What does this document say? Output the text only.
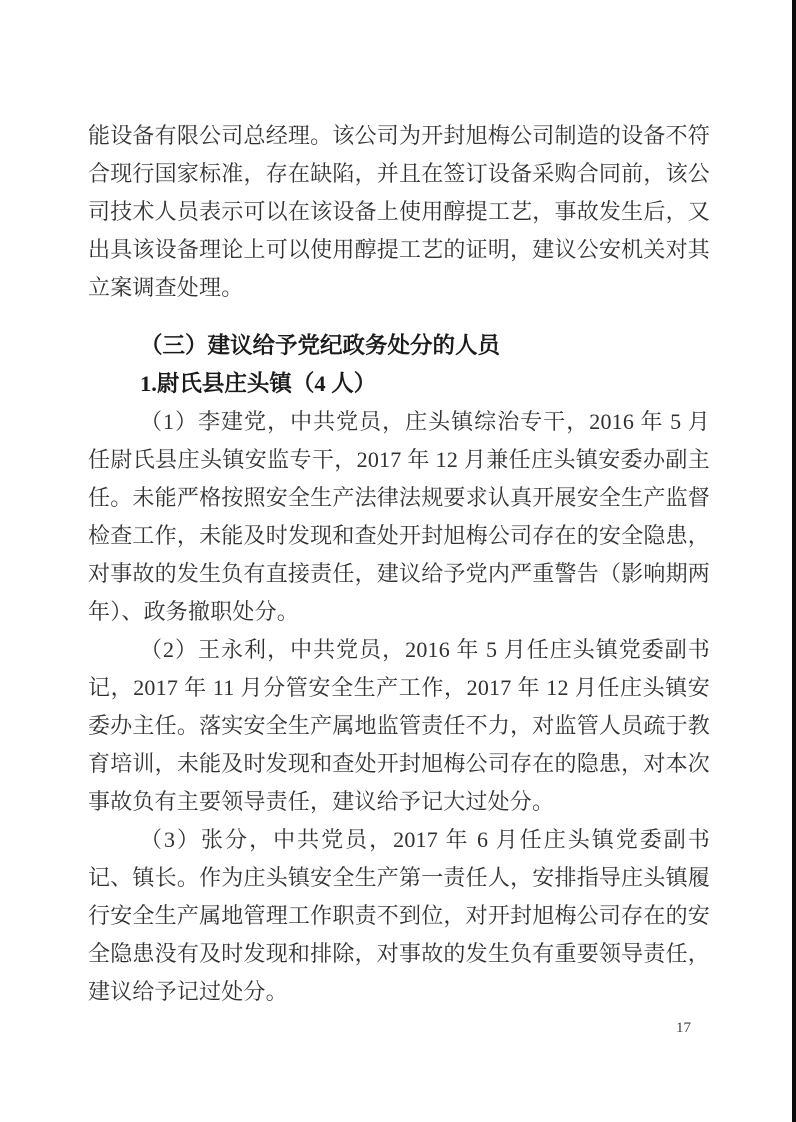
能设备有限公司总经理。该公司为开封旭梅公司制造的设备不符合现行国家标准，存在缺陷，并且在签订设备采购合同前，该公司技术人员表示可以在该设备上使用醇提工艺，事故发生后，又出具该设备理论上可以使用醇提工艺的证明，建议公安机关对其立案调查处理。

（三）建议给予党纪政务处分的人员
1.尉氏县庄头镇（4 人）

（1）李建党，中共党员，庄头镇综治专干，2016 年 5 月任尉氏县庄头镇安监专干，2017 年 12 月兼任庄头镇安委办副主任。未能严格按照安全生产法律法规要求认真开展安全生产监督检查工作，未能及时发现和查处开封旭梅公司存在的安全隐患，对事故的发生负有直接责任，建议给予党内严重警告（影响期两年）、政务撤职处分。

（2）王永利，中共党员，2016 年 5 月任庄头镇党委副书记，2017 年 11 月分管安全生产工作，2017 年 12 月任庄头镇安委办主任。落实安全生产属地监管责任不力，对监管人员疏于教育培训，未能及时发现和查处开封旭梅公司存在的隐患，对本次事故负有主要领导责任，建议给予记大过处分。

（3）张分，中共党员，2017 年 6 月任庄头镇党委副书记、镇长。作为庄头镇安全生产第一责任人，安排指导庄头镇履行安全生产属地管理工作职责不到位，对开封旭梅公司存在的安全隐患没有及时发现和排除，对事故的发生负有重要领导责任，建议给予记过处分。

17
